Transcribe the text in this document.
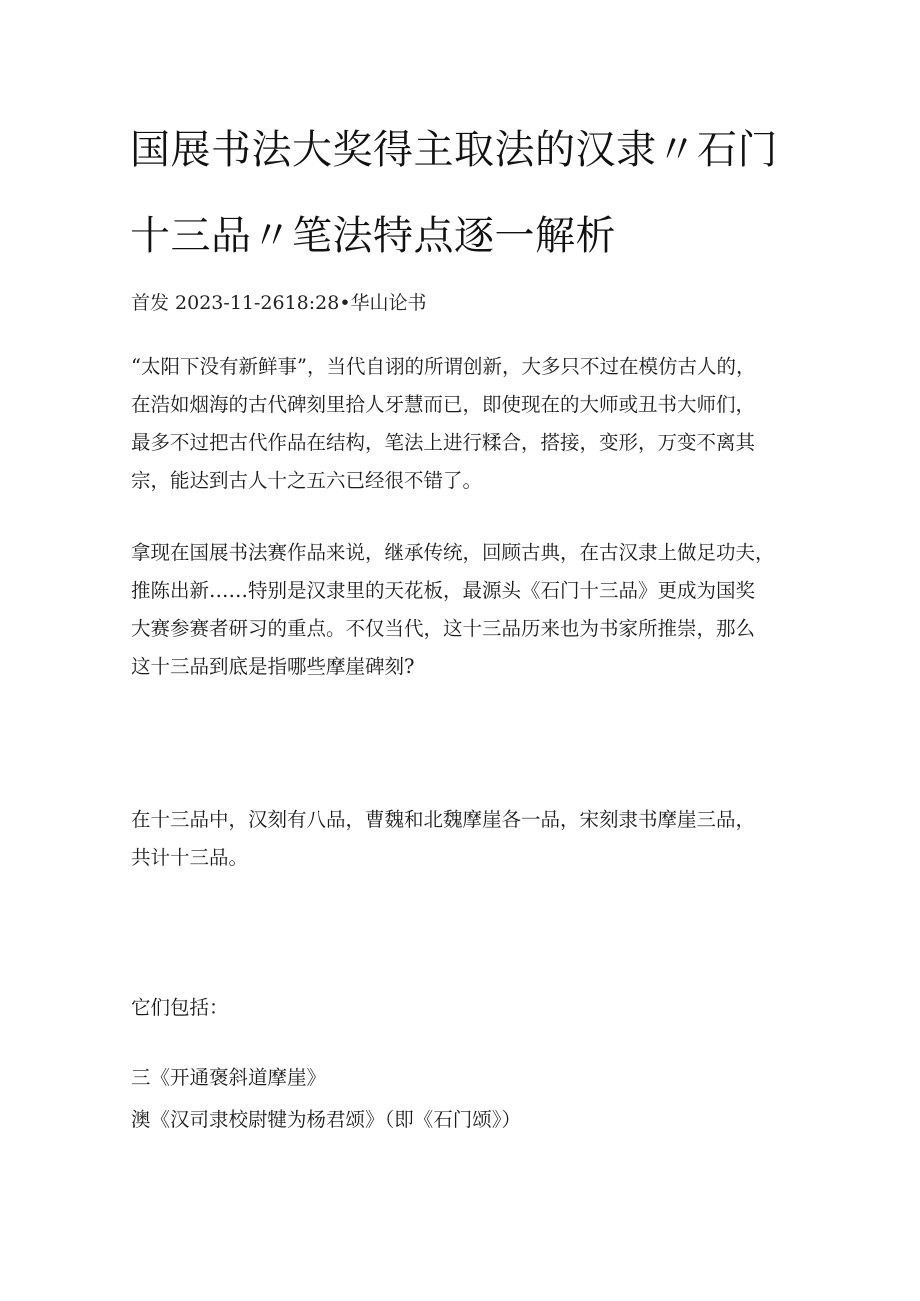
国展书法大奖得主取法的汉隶〃石门
十三品〃笔法特点逐一解析
首发 2023-11-2618:28•华山论书
“太阳下没有新鲜事”，当代自诩的所谓创新，大多只不过在模仿古人的，
在浩如烟海的古代碑刻里拾人牙慧而已，即使现在的大师或丑书大师们，
最多不过把古代作品在结构，笔法上进行糅合，搭接，变形，万变不离其
宗，能达到古人十之五六已经很不错了。
拿现在国展书法赛作品来说，继承传统，回顾古典，在古汉隶上做足功夫，
推陈出新……特别是汉隶里的天花板，最源头《石门十三品》更成为国奖
大赛参赛者研习的重点。不仅当代，这十三品历来也为书家所推崇，那么
这十三品到底是指哪些摩崖碑刻?
在十三品中，汉刻有八品，曹魏和北魏摩崖各一品，宋刻隶书摩崖三品，
共计十三品。
它们包括：
三《开通褒斜道摩崖》
澳《汉司隶校尉犍为杨君颂》（即《石门颂》）
